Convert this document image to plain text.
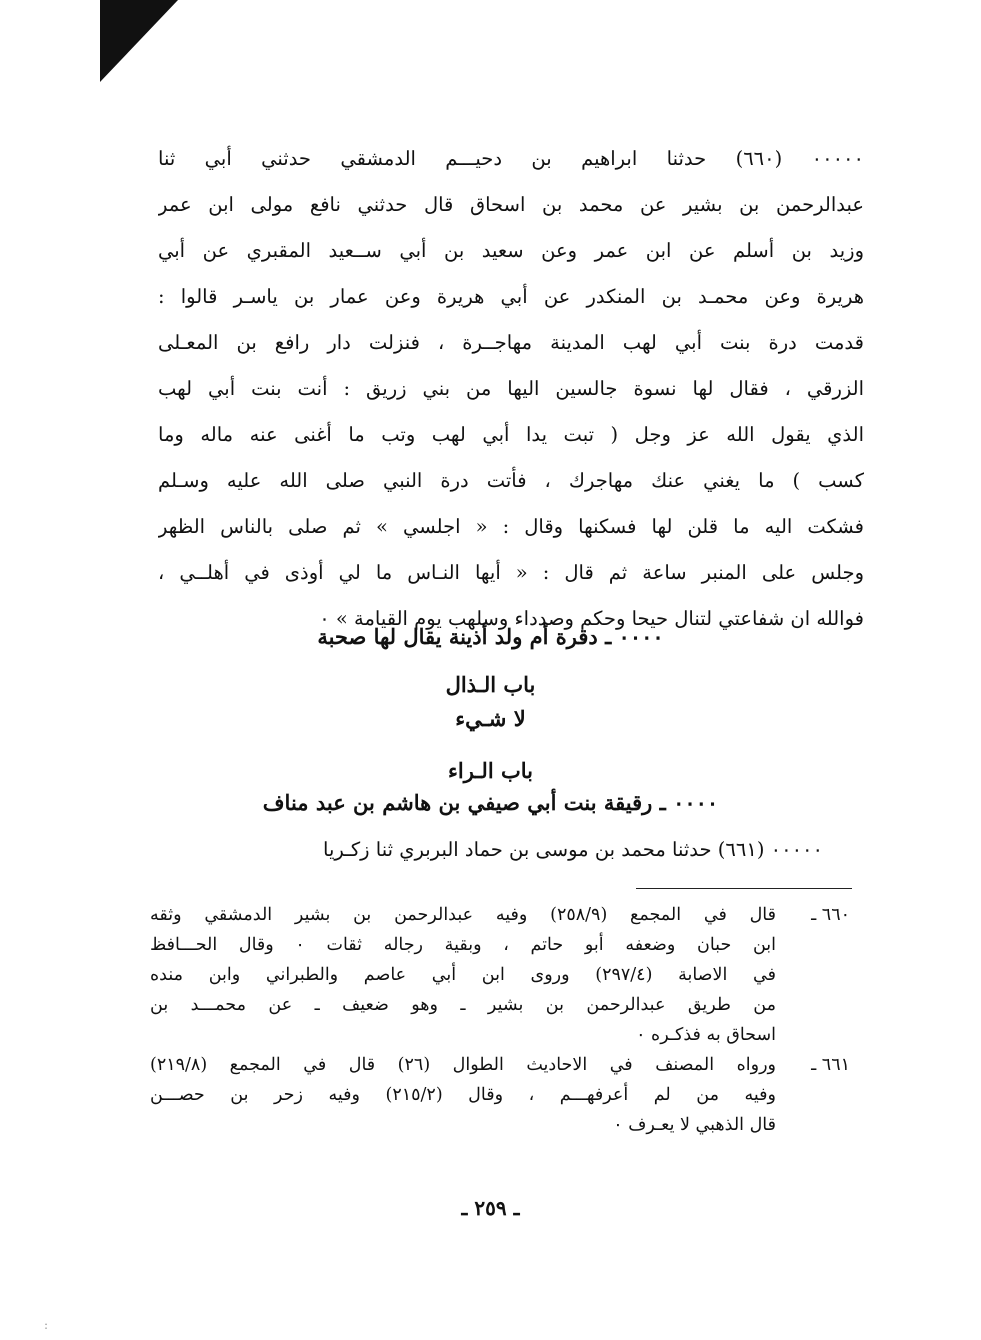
٠٠٠٠٠ (٦٦٠) حدثنا ابراهيم بن دحيـــم الدمشقي حدثني أبي ثنا
عبدالرحمن بن بشير عن محمد بن اسحاق قال حدثني نافع مولى ابن عمر
وزيد بن أسلم عن ابن عمر وعن سعيد بن أبي ســعيد المقبري عن أبي
هريرة وعن محمـد بن المنكدر عن أبي هريرة وعن عمار بن ياسـر قالوا :
قدمت درة بنت أبي لهب المدينة مهاجــرة ، فنزلت دار رافع بن المعـلى
الزرقي ، فقال لها نسوة جالسين اليها من بني زريق : أنت بنت أبي لهب
الذي يقول الله عز وجل ( تبت يدا أبي لهب وتب ما أغنى عنه ماله وما
كسب ) ما يغني عنك مهاجرك ، فأتت درة النبي صلى الله عليه وسـلم
فشكت اليه ما قلن لها فسكنها وقال : « اجلسي » ثم صلى بالناس الظهر
وجلس على المنبر ساعة ثم قال : « أيها النـاس ما لي أوذى في أهلــي ،
فوالله ان شفاعتي لتنال حيحا وحكم وصدداء وسلهب يوم القيامة » ٠
٠٠٠٠ ـ دقرة أم ولد أذينة يقال لها صحبة
باب الـذال
لا شـيء
باب الـراء
٠٠٠٠ ـ رقيقة بنت أبي صيفي بن هاشم بن عبد مناف
٠٠٠٠٠ (٦٦١) حدثنا محمد بن موسى بن حماد البربري ثنا زكـريا
٦٦٠ ـ
قال في المجمع (٢٥٨/٩) وفيه عبدالرحمن بن بشير الدمشقي وثقه
ابن حبان وضعفه أبو حاتم ، وبقية رجاله ثقات ٠ وقال الحـــافظ
في الاصابة (٢٩٧/٤) وروى ابن أبي عاصم والطبراني وابن منده
من طريق عبدالرحمن بن بشير ـ وهو ضعيف ـ عن محمـــد بن
اسحاق به فذكـره ٠
٦٦١ ـ
ورواه المصنف في الاحاديث الطوال (٢٦) قال في المجمع (٢١٩/٨)
وفيه من لم أعرفهـــم ، وقال (٢١٥/٢) وفيه زحر بن حصـــن
قال الذهبي لا يعـرف ٠
ـ ٢٥٩ ـ
:
